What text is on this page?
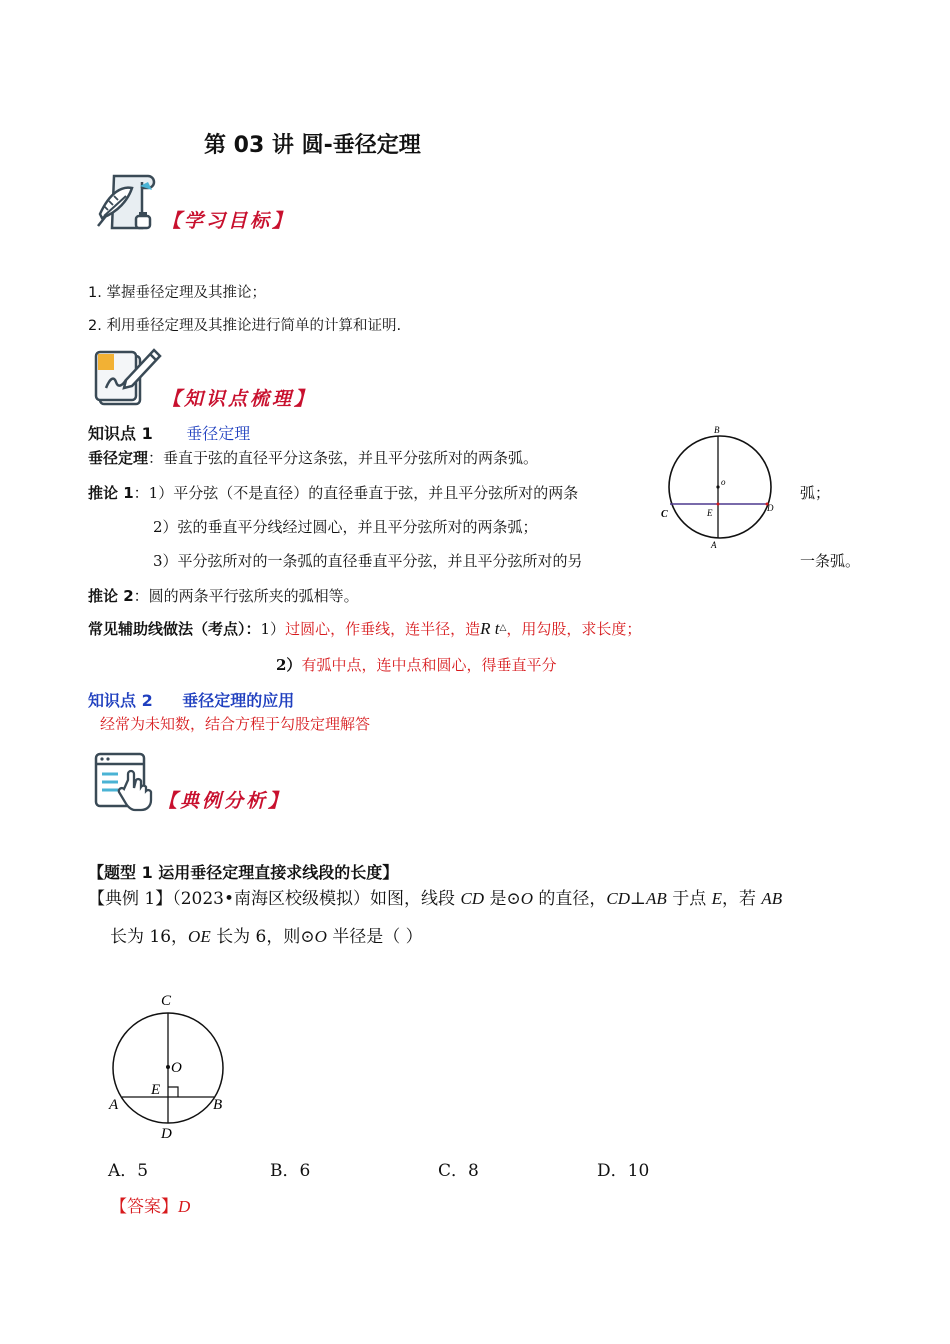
第 03 讲 圆-垂径定理
【学习目标】
1. 掌握垂径定理及其推论；
2. 利用垂径定理及其推论进行简单的计算和证明.
【知识点梳理】
知识点 1 垂径定理
垂径定理：垂直于弦的直径平分这条弦，并且平分弦所对的两条弧。
推论 1：1）平分弦（不是直径）的直径垂直于弦，并且平分弦所对的两条	弧；
2）弦的垂直平分线经过圆心，并且平分弦所对的两条弧；
3）平分弦所对的一条弧的直径垂直平分弦，并且平分弦所对的另	一条弧。
推论 2：圆的两条平行弦所夹的弧相等。
常见辅助线做法（考点）：1）过圆心，作垂线，连半径，造R t△，用勾股，求长度；
2）有弧中点，连中点和圆心，得垂直平分
B
o
C	E	D
A
知识点 2 垂径定理的应用
经常为未知数，结合方程于勾股定理解答
【典例分析】
【题型 1 运用垂径定理直接求线段的长度】
【典例 1】（2023•南海区校级模拟）如图，线段 CD 是⊙O 的直径，CD⊥AB 于点 E，若 AB
长为 16，OE 长为 6，则⊙O 半径是（ ）
C
O
E
A	B
D
A．5	B．6	C．8	D．10
【答案】D
